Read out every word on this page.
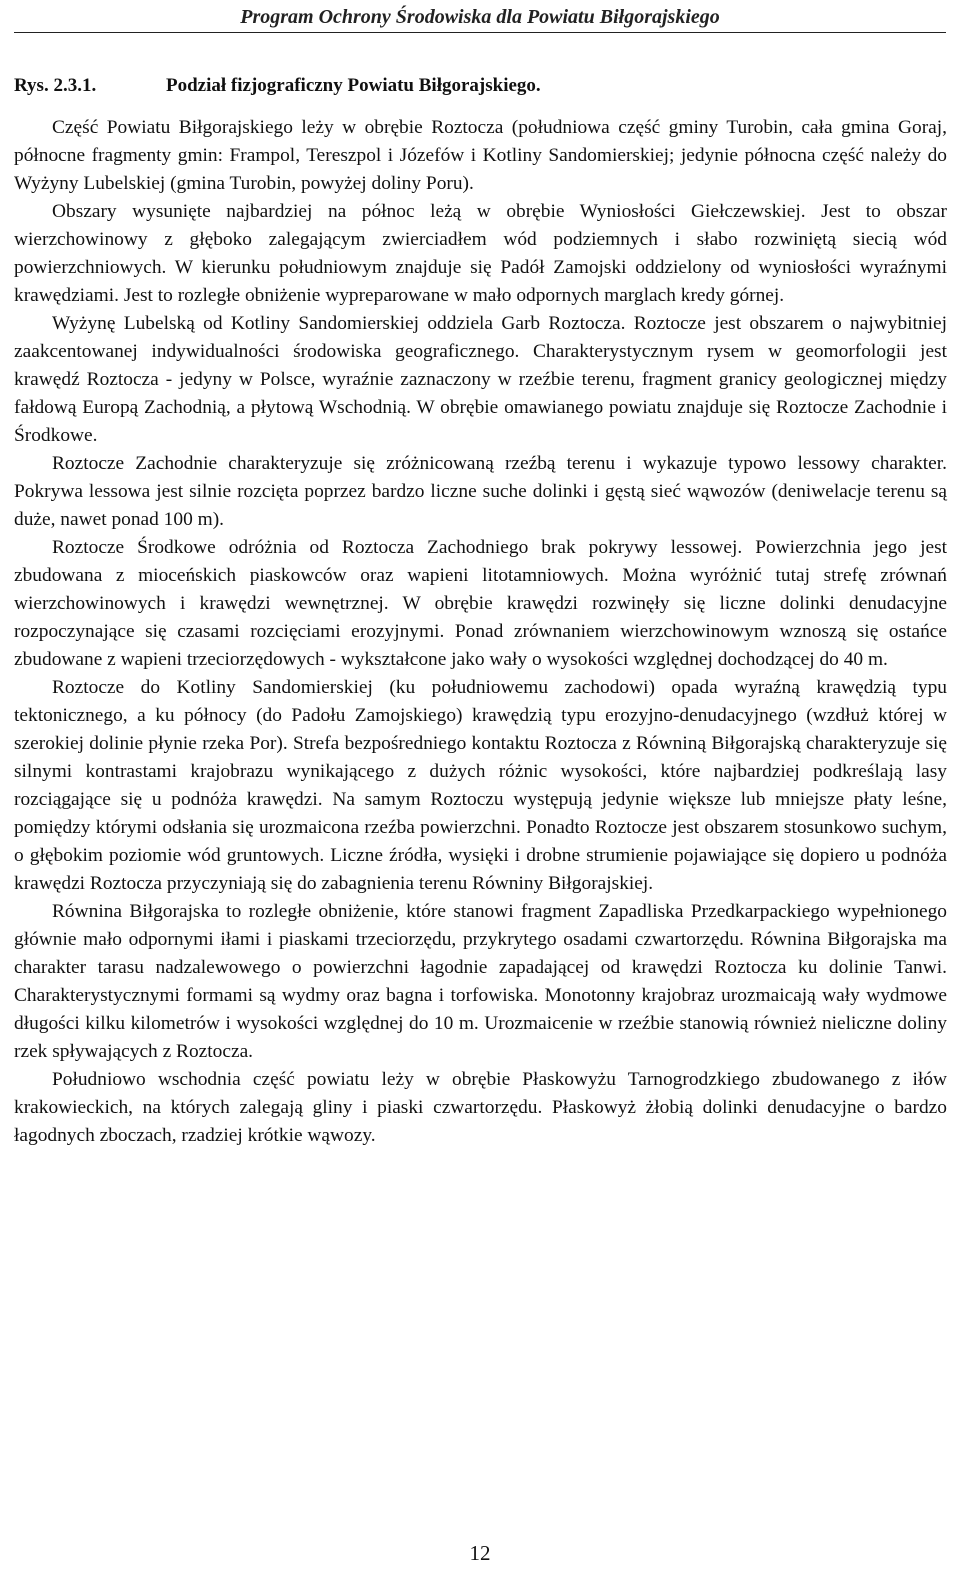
Program Ochrony Środowiska dla Powiatu Biłgorajskiego
Rys. 2.3.1.	Podział fizjograficzny Powiatu Biłgorajskiego.

Część Powiatu Biłgorajskiego leży w obrębie Roztocza (południowa część gminy Turobin, cała gmina Goraj, północne fragmenty gmin: Frampol, Tereszpol i Józefów i Kotliny Sandomierskiej; jedynie północna część należy do Wyżyny Lubelskiej (gmina Turobin, powyżej doliny Poru).

Obszary wysunięte najbardziej na północ leżą w obrębie Wyniosłości Giełczewskiej. Jest to obszar wierzchowinowy z głęboko zalegającym zwierciadłem wód podziemnych i słabo rozwiniętą siecią wód powierzchniowych. W kierunku południowym znajduje się Padół Zamojski oddzielony od wyniosłości wyraźnymi krawędziami. Jest to rozległe obniżenie wypreparowane w mało odpornych marglach kredy górnej.

Wyżynę Lubelską od Kotliny Sandomierskiej oddziela Garb Roztocza. Roztocze jest obszarem o najwybitniej zaakcentowanej indywidualności środowiska geograficznego. Charakterystycznym rysem w geomorfologii jest krawędź Roztocza - jedyny w Polsce, wyraźnie zaznaczony w rzeźbie terenu, fragment granicy geologicznej między fałdową Europą Zachodnią, a płytową Wschodnią. W obrębie omawianego powiatu znajduje się Roztocze Zachodnie i Środkowe.

Roztocze Zachodnie charakteryzuje się zróżnicowaną rzeźbą terenu i wykazuje typowo lessowy charakter. Pokrywa lessowa jest silnie rozcięta poprzez bardzo liczne suche dolinki i gęstą sieć wąwozów (deniwelacje terenu są duże, nawet ponad 100 m).

Roztocze Środkowe odróżnia od Roztocza Zachodniego brak pokrywy lessowej. Powierzchnia jego jest zbudowana z mioceńskich piaskowców oraz wapieni litotamniowych. Można wyróżnić tutaj strefę zrównań wierzchowinowych i krawędzi wewnętrznej. W obrębie krawędzi rozwinęły się liczne dolinki denudacyjne rozpoczynające się czasami rozcięciami erozyjnymi. Ponad zrównaniem wierzchowinowym wznoszą się ostańce zbudowane z wapieni trzeciorzędowych - wykształcone jako wały o wysokości względnej dochodzącej do 40 m.

Roztocze do Kotliny Sandomierskiej (ku południowemu zachodowi) opada wyraźną krawędzią typu tektonicznego, a ku północy (do Padołu Zamojskiego) krawędzią typu erozyjno-denudacyjnego (wzdłuż której w szerokiej dolinie płynie rzeka Por). Strefa bezpośredniego kontaktu Roztocza z Równiną Biłgorajską charakteryzuje się silnymi kontrastami krajobrazu wynikającego z dużych różnic wysokości, które najbardziej podkreślają lasy rozciągające się u podnóża krawędzi. Na samym Roztoczu występują jedynie większe lub mniejsze płaty leśne, pomiędzy którymi odsłania się urozmaicona rzeźba powierzchni. Ponadto Roztocze jest obszarem stosunkowo suchym, o głębokim poziomie wód gruntowych. Liczne źródła, wysięki i drobne strumienie pojawiające się dopiero u podnóża krawędzi Roztocza przyczyniają się do zabagnienia terenu Równiny Biłgorajskiej.

Równina Biłgorajska to rozległe obniżenie, które stanowi fragment Zapadliska Przedkarpackiego wypełnionego głównie mało odpornymi iłami i piaskami trzeciorzędu, przykrytego osadami czwartorzędu. Równina Biłgorajska ma charakter tarasu nadzalewowego o powierzchni łagodnie zapadającej od krawędzi Roztocza ku dolinie Tanwi. Charakterystycznymi formami są wydmy oraz bagna i torfowiska. Monotonny krajobraz urozmaicają wały wydmowe długości kilku kilometrów i wysokości względnej do 10 m. Urozmaicenie w rzeźbie stanowią również nieliczne doliny rzek spływających z Roztocza.

Południowo wschodnia część powiatu leży w obrębie Płaskowyżu Tarnogrodzkiego zbudowanego z iłów krakowieckich, na których zalegają gliny i piaski czwartorzędu. Płaskowyż żłobią dolinki denudacyjne o bardzo łagodnych zboczach, rzadziej krótkie wąwozy.

12
